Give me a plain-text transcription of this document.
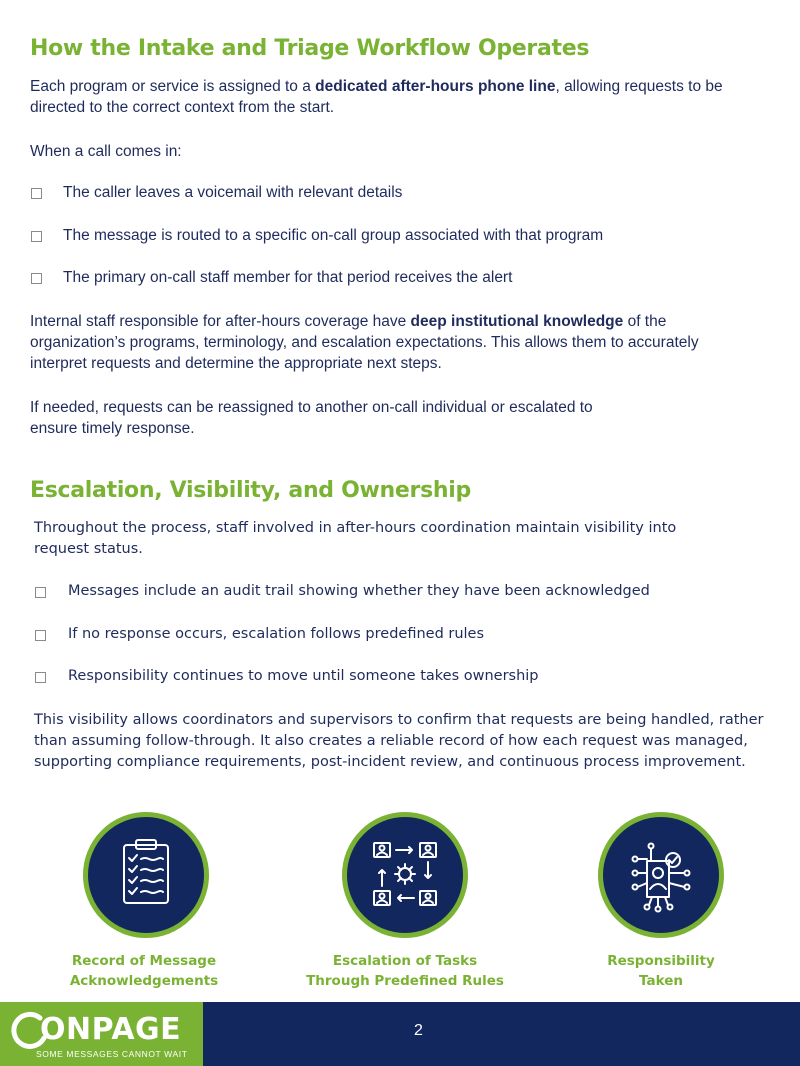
How the Intake and Triage Workflow Operates

Each program or service is assigned to a dedicated after-hours phone line, allowing requests to be directed to the correct context from the start.

When a call comes in:

The caller leaves a voicemail with relevant details
The message is routed to a specific on-call group associated with that program
The primary on-call staff member for that period receives the alert

Internal staff responsible for after-hours coverage have deep institutional knowledge of the organization’s programs, terminology, and escalation expectations. This allows them to accurately interpret requests and determine the appropriate next steps.

If needed, requests can be reassigned to another on-call individual or escalated to ensure timely response.

Escalation, Visibility, and Ownership

Throughout the process, staff involved in after-hours coordination maintain visibility into request status.

Messages include an audit trail showing whether they have been acknowledged
If no response occurs, escalation follows predefined rules
Responsibility continues to move until someone takes ownership

This visibility allows coordinators and supervisors to confirm that requests are being handled, rather than assuming follow-through. It also creates a reliable record of how each request was managed, supporting compliance requirements, post-incident review, and continuous process improvement.

Record of Message
Acknowledgements
Escalation of Tasks
Through Predefined Rules
Responsibility
Taken
ONPAGE
SOME MESSAGES CANNOT WAIT
2
